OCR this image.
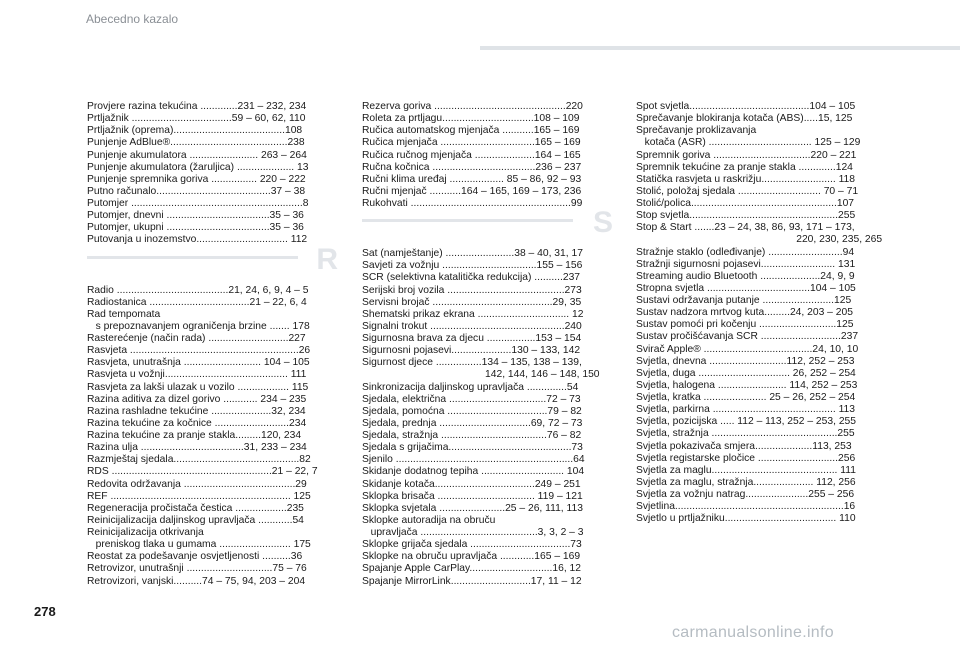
Abecedno kazalo
Provjere razina tekućina .............231 – 232, 234
Prtljažnik ...................................59 – 60, 62, 110
Prtljažnik (oprema).......................................108
Punjenje AdBlue®.........................................238
Punjenje akumulatora ........................ 263 – 264
Punjenje akumulatora (žaruljica) .................... 13
Punjenje spremnika goriva ................ 220 – 222
Putno računalo........................................37 – 38
Putomjer ............................................................8
Putomjer, dnevni ....................................35 – 36
Putomjer, ukupni ....................................35 – 36
Putovanja u inozemstvo................................ 112
R
Radio .......................................21, 24, 6, 9, 4 – 5
Radiostanica ...................................21 – 22, 6, 4
Rad tempomata
s prepoznavanjem ograničenja brzine ....... 178
Rasterećenje (način rada) ............................227
Rasvjeta ...........................................................26
Rasvjeta, unutrašnja ........................... 104 – 105
Rasvjeta u vožnji........................................... 111
Rasvjeta za lakši ulazak u vozilo .................. 115
Razina aditiva za dizel gorivo ............ 234 – 235
Razina rashladne tekućine .....................32, 234
Razina tekućine za kočnice ..........................234
Razina tekućine za pranje stakla.........120, 234
Razina ulja ....................................31, 233 – 234
Razmještaj sjedala............................................82
RDS ........................................................21 – 22, 7
Redovita održavanja .......................................29
REF ............................................................... 125
Regeneracija pročistača čestica ..................235
Reinicijalizacija daljinskog upravljača ............54
Reinicijalizacija otkrivanja
preniskog tlaka u gumama ......................... 175
Reostat za podešavanje osvjetljenosti ..........36
Retrovizor, unutrašnji ..............................75 – 76
Retrovizori, vanjski..........74 – 75, 94, 203 – 204
Rezerva goriva ..............................................220
Roleta za prtljagu................................108 – 109
Ručica automatskog mjenjača ...........165 – 169
Ručica mjenjača .................................165 – 169
Ručica ručnog mjenjača .....................164 – 165
Ručna kočnica ....................................236 – 237
Ručni klima uređaj ................... 85 – 86, 92 – 93
Ručni mjenjač ...........164 – 165, 169 – 173, 236
Rukohvati ........................................................99
S
Sat (namještanje) ........................38 – 40, 31, 17
Savjeti za vožnju .................................155 – 156
SCR (selektivna katalitička redukcija) ..........237
Serijski broj vozila .........................................273
Servisni brojač ..........................................29, 35
Shematski prikaz ekrana ................................ 12
Signalni trokut ...............................................240
Sigurnosna brava za djecu .................153 – 154
Sigurnosni pojasevi.....................130 – 133, 142
Sigurnost djece ................134 – 135, 138 – 139,
142, 144, 146 – 148, 150
Sinkronizacija daljinskog upravljača ..............54
Sjedala, električna ..................................72 – 73
Sjedala, pomoćna ...................................79 – 82
Sjedala, prednja ................................69, 72 – 73
Sjedala, stražnja .....................................76 – 82
Sjedala s grijačima...........................................73
Sjenilo ..............................................................64
Skidanje dodatnog tepiha ............................. 104
Skidanje kotača...................................249 – 251
Sklopka brisača .................................. 119 – 121
Sklopka svjetala .......................25 – 26, 111, 113
Sklopke autoradija na obruču
upravljača .........................................3, 3, 2 – 3
Sklopke grijača sjedala ...................................73
Sklopke na obruču upravljača ............165 – 169
Spajanje Apple CarPlay.............................16, 12
Spajanje MirrorLink............................17, 11 – 12
Spot svjetla..........................................104 – 105
Sprečavanje blokiranja kotača (ABS).....15, 125
Sprečavanje proklizavanja
kotača (ASR) .................................... 125 – 129
Spremnik goriva ..................................220 – 221
Spremnik tekućine za pranje stakla .............124
Statička rasvjeta u raskrižju.......................... 118
Stolić, položaj sjedala ............................. 70 – 71
Stolić/polica...................................................107
Stop svjetla....................................................255
Stop & Start .......23 – 24, 38, 86, 93, 171 – 173,
220, 230, 235, 265
Stražnje staklo (odleđivanje) ..........................94
Stražnji sigurnosni pojasevi.......................... 131
Streaming audio Bluetooth .....................24, 9, 9
Stropna svjetla ....................................104 – 105
Sustavi održavanja putanje .........................125
Sustav nadzora mrtvog kuta.........24, 203 – 205
Sustav pomoći pri kočenju ...........................125
Sustav pročišćavanja SCR ............................237
Svirač Apple® ......................................24, 10, 10
Svjetla, dnevna ...........................112, 252 – 253
Svjetla, duga ................................ 26, 252 – 254
Svjetla, halogena ........................ 114, 252 – 253
Svjetla, kratka ...................... 25 – 26, 252 – 254
Svjetla, parkirna ........................................... 113
Svjetla, pozicijska ..... 112 – 113, 252 – 253, 255
Svjetla, stražnja ............................................255
Svjetla pokazivača smjera....................113, 253
Svjetla registarske pločice ............................256
Svjetla za maglu............................................ 111
Svjetla za maglu, stražnja..................... 112, 256
Svjetla za vožnju natrag......................255 – 256
Svjetlina...........................................................16
Svjetlo u prtljažniku....................................... 110
278
carmanualsonline.info
